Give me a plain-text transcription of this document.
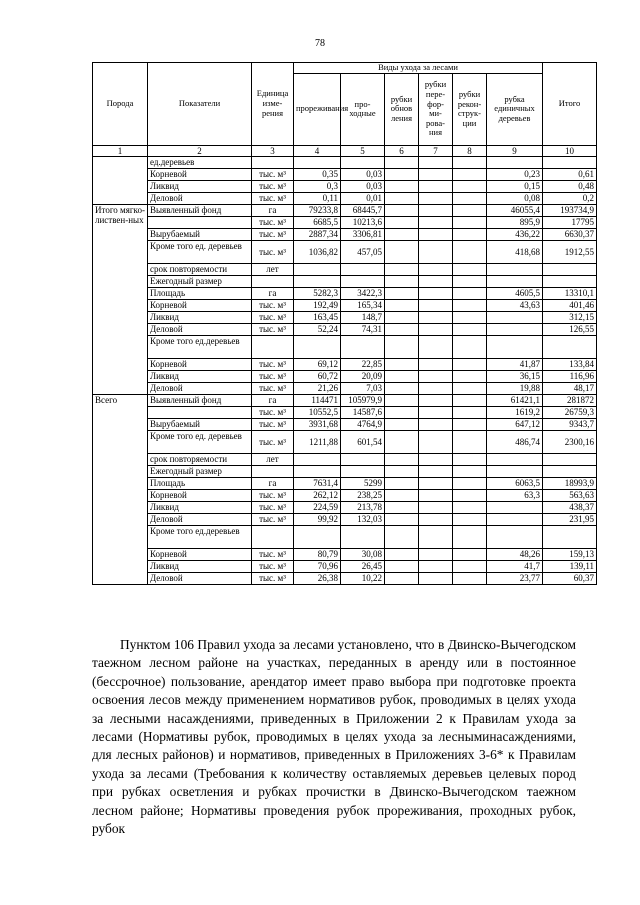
78
Порода	Показатели	Единица изме-рения	Виды ухода за лесами						Итого
			прореживания	про-ходные	рубки обнов ления	рубки пере-фор-ми-рова-ния	рубки рекон-струк-ции	рубка единичных деревьев	
1	2	3	4	5	6	7	8	9	10
	ед.деревьев								
	Корневой	тыс. м³	0,35	0,03				0,23	0,61
	Ликвид	тыс. м³	0,3	0,03				0,15	0,48
	Деловой	тыс. м³	0,11	0,01				0,08	0,2
Итого мягко-листвен-ных	Выявленный фонд	га	79233,8	68445,7				46055,4	193734,9
		тыс. м³	6685,5	10213,6				895,9	17795
	Вырубаемый	тыс. м³	2887,34	3306,81				436,22	6630,37
	Кроме того ед. деревьев	тыс. м³	1036,82	457,05				418,68	1912,55
	срок повторяемости	лет							
	Ежегодный размер								
	Площадь	га	5282,3	3422,3				4605,5	13310,1
	Корневой	тыс. м³	192,49	165,34				43,63	401,46
	Ликвид	тыс. м³	163,45	148,7					312,15
	Деловой	тыс. м³	52,24	74,31					126,55
	Кроме того ед.деревьев								
	Корневой	тыс. м³	69,12	22,85				41,87	133,84
	Ликвид	тыс. м³	60,72	20,09				36,15	116,96
	Деловой	тыс. м³	21,26	7,03				19,88	48,17
Всего	Выявленный фонд	га	114471	105979,9				61421,1	281872
		тыс. м³	10552,5	14587,6				1619,2	26759,3
	Вырубаемый	тыс. м³	3931,68	4764,9				647,12	9343,7
	Кроме того ед. деревьев	тыс. м³	1211,88	601,54				486,74	2300,16
	срок повторяемости	лет							
	Ежегодный размер								
	Площадь	га	7631,4	5299				6063,5	18993,9
	Корневой	тыс. м³	262,12	238,25				63,3	563,63
	Ликвид	тыс. м³	224,59	213,78					438,37
	Деловой	тыс. м³	99,92	132,03					231,95
	Кроме того ед.деревьев								
	Корневой	тыс. м³	80,79	30,08				48,26	159,13
	Ликвид	тыс. м³	70,96	26,45				41,7	139,11
	Деловой	тыс. м³	26,38	10,22				23,77	60,37

Пунктом 106 Правил ухода за лесами установлено, что в Двинско-Вычегодском таежном лесном районе на участках, переданных в аренду или в постоянное (бессрочное) пользование, арендатор имеет право выбора при подготовке проекта освоения лесов между применением нормативов рубок, проводимых в целях ухода за лесными насаждениями, приведенных в Приложении 2 к Правилам ухода за лесами (Нормативы рубок, проводимых в целях ухода за лесныминасаждениями, для лесных районов) и нормативов, приведенных в Приложениях 3-6* к Правилам ухода за лесами (Требования к количеству оставляемых деревьев целевых пород при рубках осветления и рубках прочистки в Двинско-Вычегодском таежном лесном районе; Нормативы проведения рубок прореживания, проходных рубок, рубок
